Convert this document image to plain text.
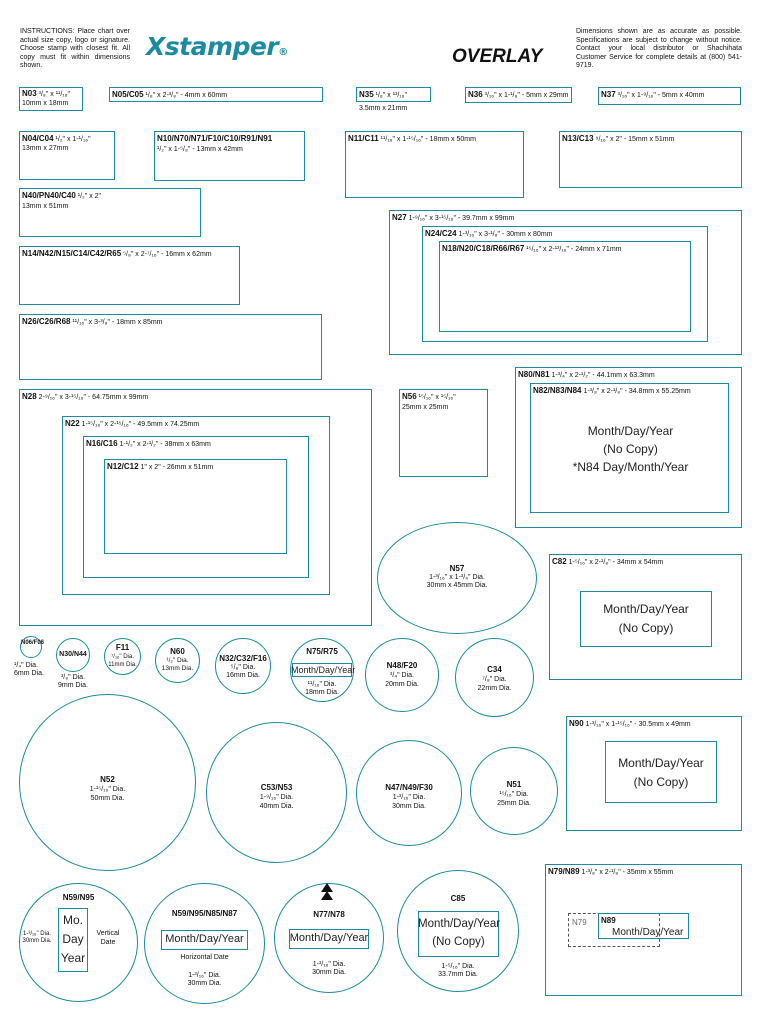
INSTRUCTIONS: Place chart over actual size copy, logo or signature. Choose stamp with closest fit. All copy must fit within dimensions shown.
Xstamper®	OVERLAY
Dimensions shown are as accurate as possible. Specifications are subject to change without notice. Contact your local distributor or Shachihata Customer Service for complete details at (800) 541-9719.
N03 ³/₈" x ¹¹/₁₆"
10mm x 18mm
N05/C05 ¹/₈" x 2-³/₈" - 4mm x 60mm	N35 ¹/₈" x ¹³/₁₆"
3.5mm x 21mm
N36 ³/₁₆" x 1-¹/₈" - 5mm x 29mm	N37 ³/₁₆" x 1-⁹/₁₆" - 5mm x 40mm
N04/C04 ¹/₂" x 1-¹/₁₆"
13mm x 27mm
N10/N70/N71/F10/C10/R91/N91
¹/₂" x 1-⁵/₈" - 13mm x 42mm
N11/C11 ¹¹/₁₆" x 1-¹⁵/₁₆" - 18mm x 50mm	N13/C13 ⁹/₁₆" x 2" - 15mm x 51mm
N40/PN40/C40 ¹/₂" x 2"
13mm x 51mm
N27 1-⁹/₁₆" x 3-¹⁵/₁₆" - 39.7mm x 99mm
N24/C24 1-³/₁₆" x 3-¹/₈" - 30mm x 80mm
N18/N20/C18/R66/R67 ¹⁵/₁₆" x 2-¹³/₁₆" - 24mm x 71mm
N14/N42/N15/C14/C42/R65 ⁵/₈" x 2-⁷/₁₆" - 16mm x 62mm
N26/C26/R68 ¹¹/₁₆" x 3-³/₈" - 18mm x 85mm
N80/N81 1-³/₄" x 2-¹/₂" - 44.1mm x 63.3mm
N82/N83/N84 1-³/₈" x 2-¹/₈" - 34.8mm x 55.25mm
Month/Day/Year
(No Copy)
*N84 Day/Month/Year
N28 2-⁹/₁₆" x 3-¹⁵/₁₆" - 64.75mm x 99mm
N22 1-¹⁵/₁₆" x 2-¹⁵/₁₆" - 49.5mm x 74.25mm
N16/C16 1-¹/₂" x 2-¹/₂" - 38mm x 63mm
N12/C12 1" x 2" - 26mm x 51mm
N56 ¹⁵/₁₆" x ¹⁵/₁₆"
25mm x 25mm
N57
1-³/₁₆" x 1-³/₄" Dia.
30mm x 45mm Dia.
C82 1-⁵/₁₆" x 2-¹/₈" - 34mm x 54mm
Month/Day/Year
(No Copy)
N06/F06
¹/₄" Dia.
6mm Dia.
N30/N44
³/₈" Dia.
9mm Dia.
F11
⁷/₁₆" Dia.
11mm Dia.
N60
¹/₂" Dia.
13mm Dia.
N32/C32/F16
⁵/₈" Dia.
16mm Dia.
N75/R75
Month/Day/Year
¹¹/₁₆" Dia.
18mm Dia.
N48/F20
³/₄" Dia.
20mm Dia.
C34
⁷/₈" Dia.
22mm Dia.
N90 1-³/₁₆" x 1-¹⁵/₁₆" - 30.5mm x 49mm
Month/Day/Year
(No Copy)
N52
1-¹⁵/₁₆" Dia.
50mm Dia.
C53/N53
1-⁹/₁₆" Dia.
40mm Dia.
N47/N49/F30
1-³/₁₆" Dia.
30mm Dia.
N51
¹⁵/₁₆" Dia.
25mm Dia.
N79/N89 1-³/₈" x 2-¹/₈" - 35mm x 55mm
N79 N89
Month/Day/Year
N59/N95
Mo.
Day
Year
1-³/₁₆" Dia.
30mm Dia.
Vertical
Date
N59/N95/N85/N87
Month/Day/Year
Horizontal Date
1-³/₁₆" Dia.
30mm Dia.
N77/N78
Month/Day/Year
1-³/₁₆" Dia.
30mm Dia.
C85
Month/Day/Year
(No Copy)
1-⁵/₁₆" Dia.
33.7mm Dia.
